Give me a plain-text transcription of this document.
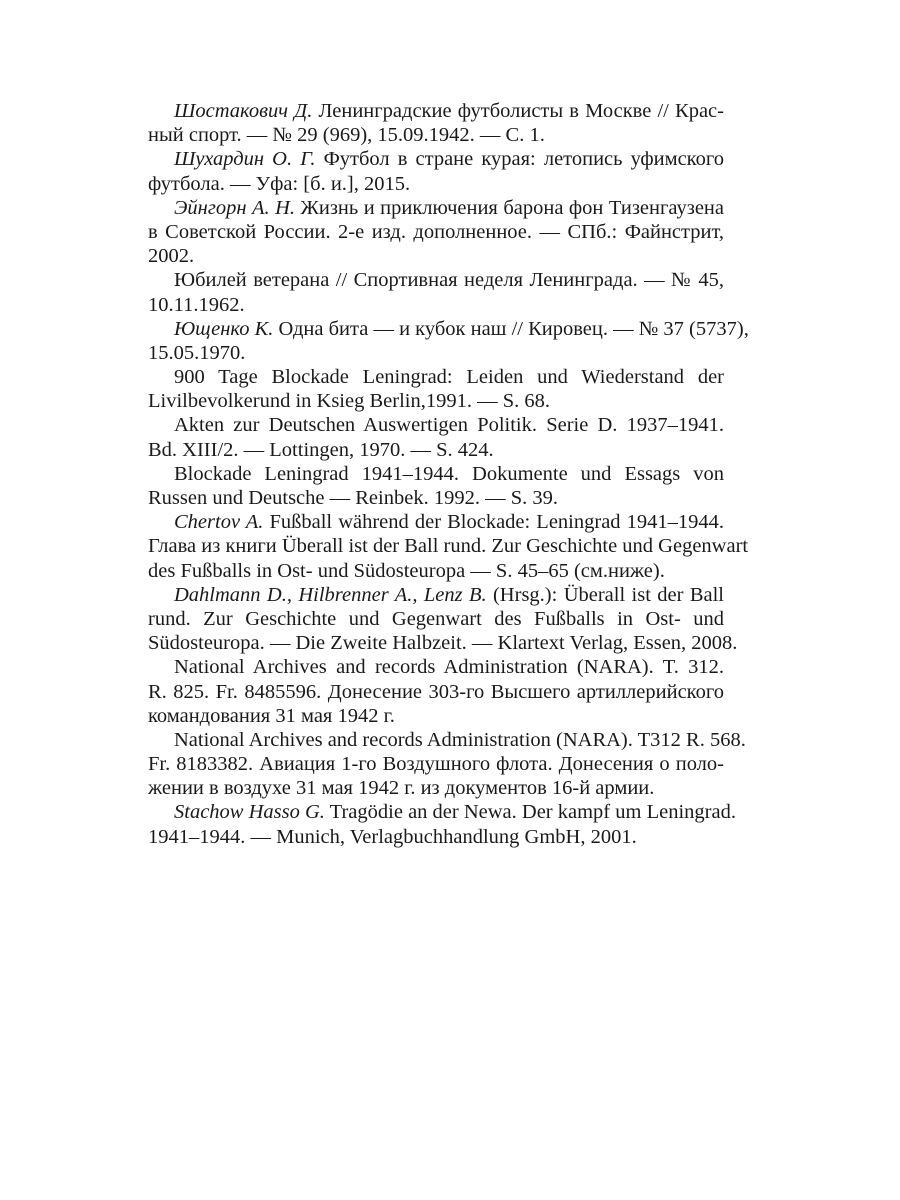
Шостакович Д. Ленинградские футболисты в Москве // Крас-
ный спорт. — № 29 (969), 15.09.1942. — С. 1.
Шухардин О. Г. Футбол в стране курая: летопись уфимского
футбола. — Уфа: [б. и.], 2015.
Эйнгорн А. Н. Жизнь и приключения барона фон Тизенгаузена
в Советской России. 2-е изд. дополненное. — СПб.: Файнстрит,
2002.
Юбилей ветерана // Спортивная неделя Ленинграда. — № 45,
10.11.1962.
Ющенко К. Одна бита — и кубок наш // Кировец. — № 37 (5737),
15.05.1970.
900 Tage Blockade Leningrad: Leiden und Wiederstand der
Livilbevolkerund in Ksieg Berlin,1991. — S. 68.
Akten zur Deutschen Auswertigen Politik. Serie D. 1937–1941.
Bd. XIII/2. — Lottingen, 1970. — S. 424.
Blockade Leningrad 1941–1944. Dokumente und Essags von
Russen und Deutsche — Reinbek. 1992. — S. 39.
Chertov A. Fußball während der Blockade: Leningrad 1941–1944.
Глава из книги Überall ist der Ball rund. Zur Geschichte und Gegenwart
des Fußballs in Ost- und Südosteuropa — S. 45–65 (см.ниже).
Dahlmann D., Hilbrenner A., Lenz B. (Hrsg.): Überall ist der Ball
rund. Zur Geschichte und Gegenwart des Fußballs in Ost- und
Südosteuropa. — Die Zweite Halbzeit. — Klartext Verlag, Essen, 2008.
National Archives and records Administration (NARA). T. 312.
R. 825. Fr. 8485596. Донесение 303-го Высшего артиллерийского
командования 31 мая 1942 г.
National Archives and records Administration (NARA). T312 R. 568.
Fr. 8183382. Авиация 1-го Воздушного флота. Донесения о поло-
жении в воздухе 31 мая 1942 г. из документов 16-й армии.
Stachow Hasso G. Tragödie an der Newa. Der kampf um Leningrad.
1941–1944. — Munich, Verlagbuchhandlung GmbH, 2001.
